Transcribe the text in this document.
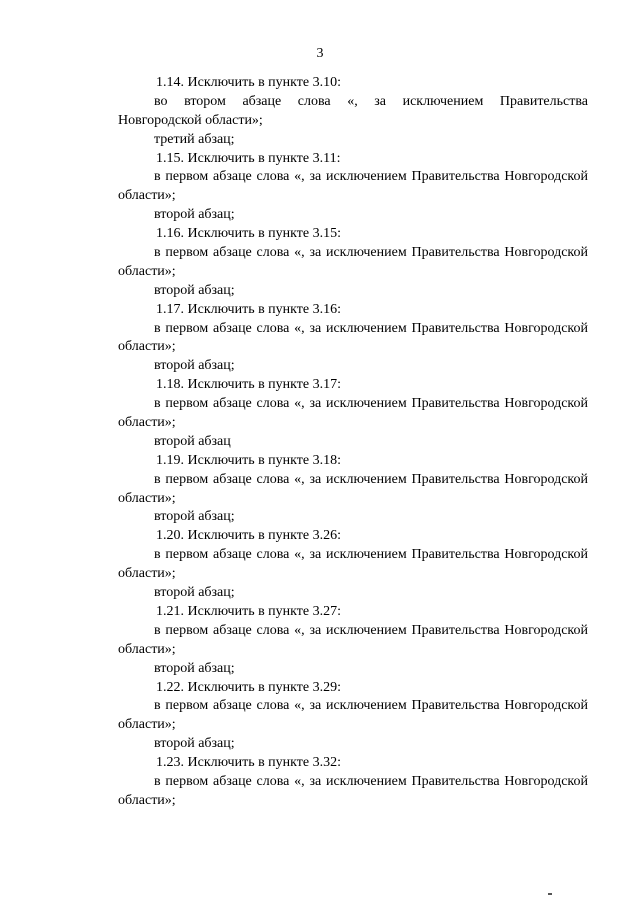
3
1.14. Исключить в пункте 3.10:
во втором абзаце слова «, за исключением Правительства
Новгородской области»;
третий абзац;
1.15. Исключить в пункте 3.11:
в первом абзаце слова «, за исключением Правительства Новгородской
области»;
второй абзац;
1.16. Исключить в пункте 3.15:
в первом абзаце слова «, за исключением Правительства Новгородской
области»;
второй абзац;
1.17. Исключить в пункте 3.16:
в первом абзаце слова «, за исключением Правительства Новгородской
области»;
второй абзац;
1.18. Исключить в пункте 3.17:
в первом абзаце слова «, за исключением Правительства Новгородской
области»;
второй абзац
1.19. Исключить в пункте 3.18:
в первом абзаце слова «, за исключением Правительства Новгородской
области»;
второй абзац;
1.20. Исключить в пункте 3.26:
в первом абзаце слова «, за исключением Правительства Новгородской
области»;
второй абзац;
1.21. Исключить в пункте 3.27:
в первом абзаце слова «, за исключением Правительства Новгородской
области»;
второй абзац;
1.22. Исключить в пункте 3.29:
в первом абзаце слова «, за исключением Правительства Новгородской
области»;
второй абзац;
1.23. Исключить в пункте 3.32:
в первом абзаце слова «, за исключением Правительства Новгородской
области»;
